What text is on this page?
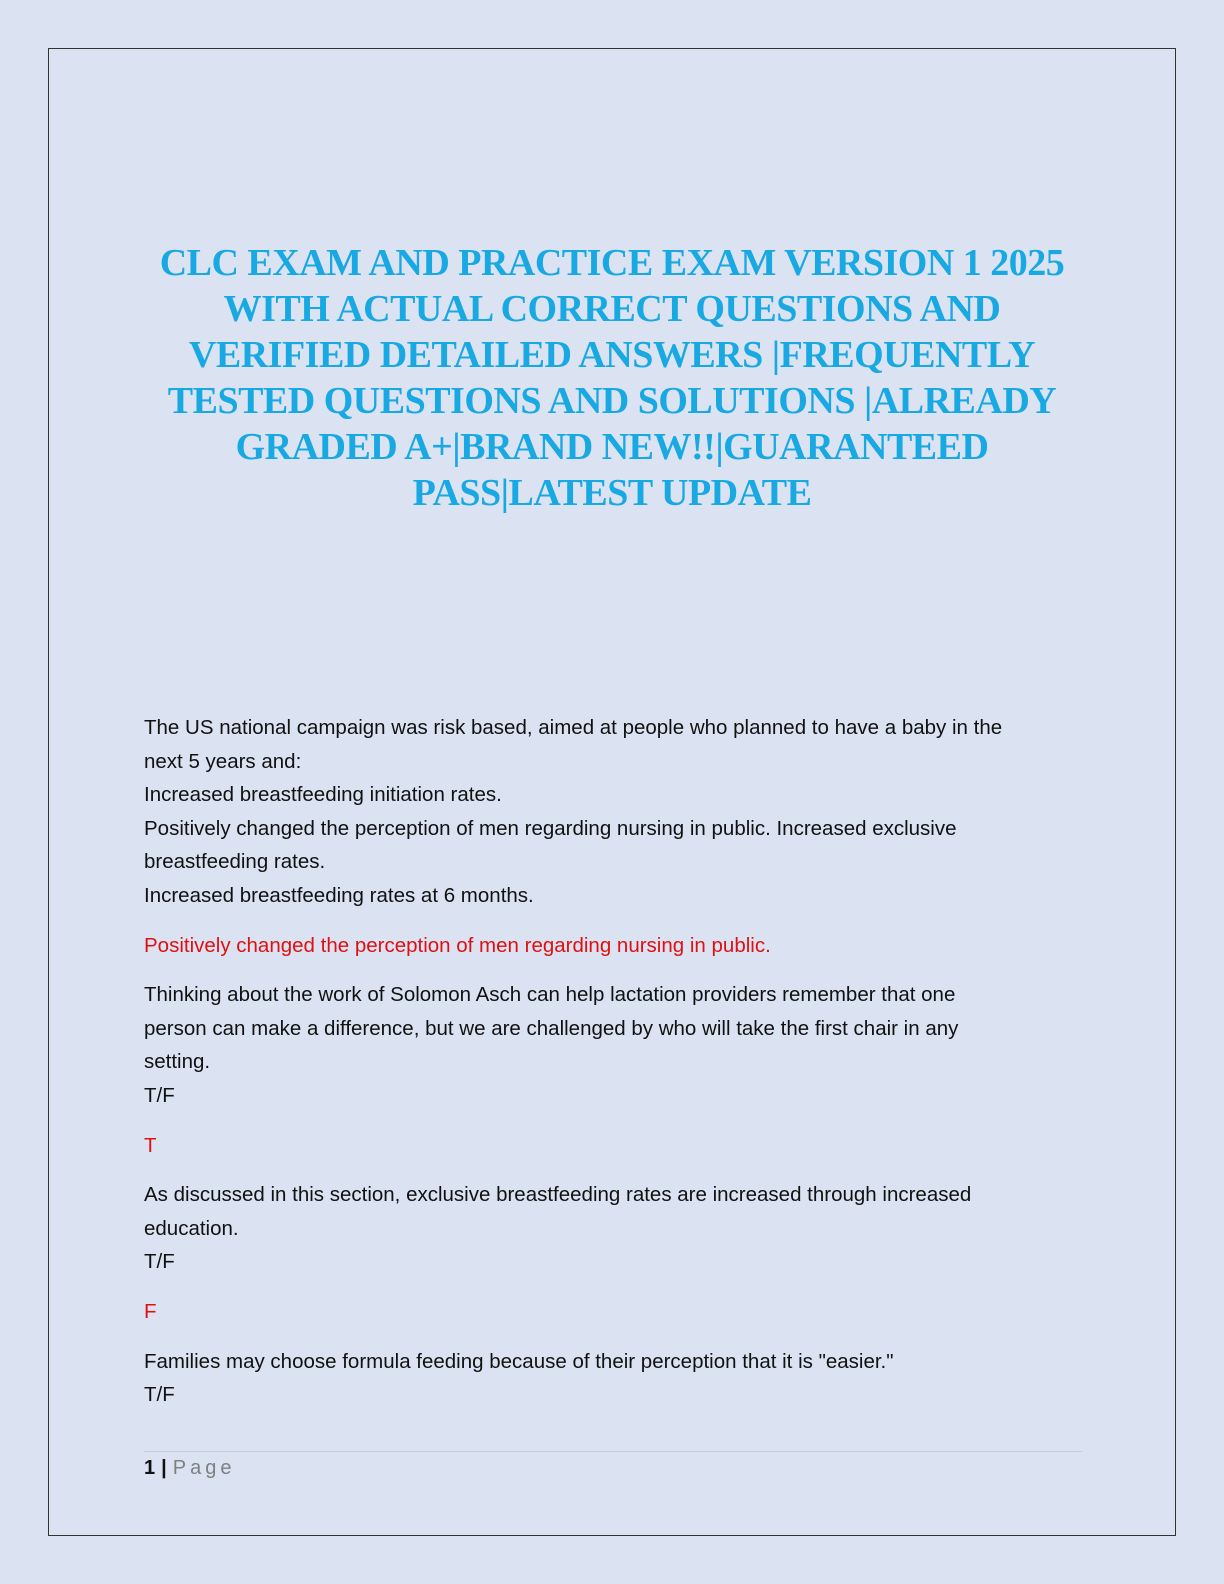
CLC EXAM AND PRACTICE EXAM VERSION 1 2025
WITH ACTUAL CORRECT QUESTIONS AND
VERIFIED DETAILED ANSWERS |FREQUENTLY
TESTED QUESTIONS AND SOLUTIONS |ALREADY
GRADED A+|BRAND NEW!!|GUARANTEED
PASS|LATEST UPDATE

The US national campaign was risk based, aimed at people who planned to have a baby in the

next 5 years and:

Increased breastfeeding initiation rates.

Positively changed the perception of men regarding nursing in public. Increased exclusive

breastfeeding rates.

Increased breastfeeding rates at 6 months.

Positively changed the perception of men regarding nursing in public.

Thinking about the work of Solomon Asch can help lactation providers remember that one

person can make a difference, but we are challenged by who will take the first chair in any

setting.

T/F

T

As discussed in this section, exclusive breastfeeding rates are increased through increased

education.

T/F

F

Families may choose formula feeding because of their perception that it is "easier."

T/F

1 | Page
